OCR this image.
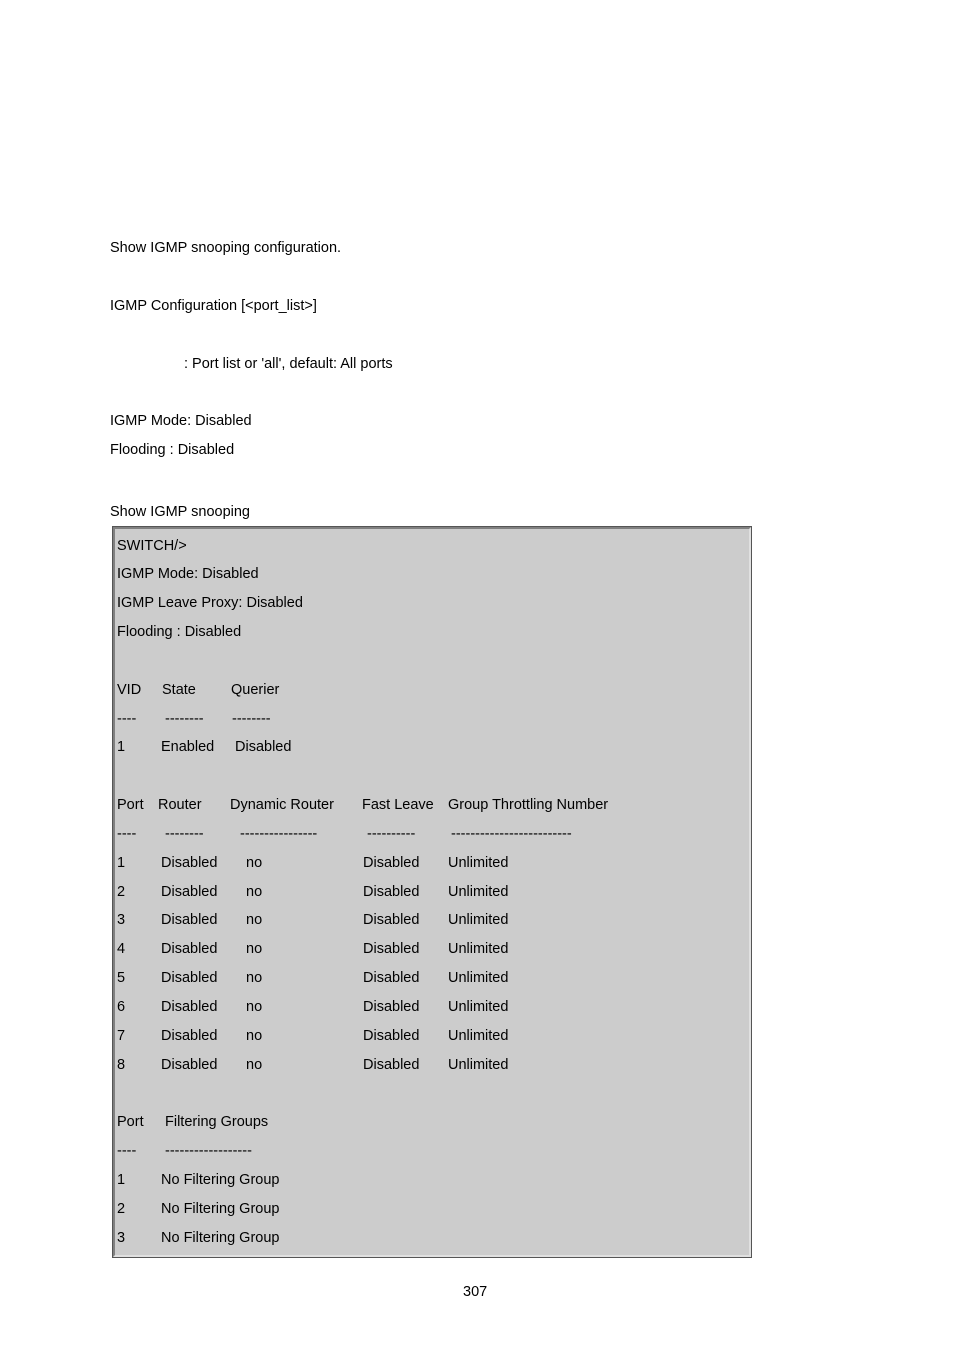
Show IGMP snooping configuration.
IGMP Configuration [<port_list>]
: Port list or 'all', default: All ports
IGMP Mode: Disabled
Flooding : Disabled
Show IGMP snooping
SWITCH/>
IGMP Mode: Disabled
IGMP Leave Proxy: Disabled
Flooding : Disabled
VID State Querier
---- -------- --------
1 Enabled Disabled
Port Router Dynamic Router Fast Leave Group Throttling Number
---- --------	----------------	---------- -------------------------
1 Disabled no	Disabled Unlimited
2 Disabled no	Disabled Unlimited
3 Disabled no	Disabled Unlimited
4 Disabled no	Disabled Unlimited
5 Disabled no	Disabled Unlimited
6 Disabled no	Disabled Unlimited
7 Disabled no	Disabled Unlimited
8 Disabled no	Disabled Unlimited
Port Filtering Groups
---- ------------------
1 No Filtering Group
2 No Filtering Group
3 No Filtering Group
307
